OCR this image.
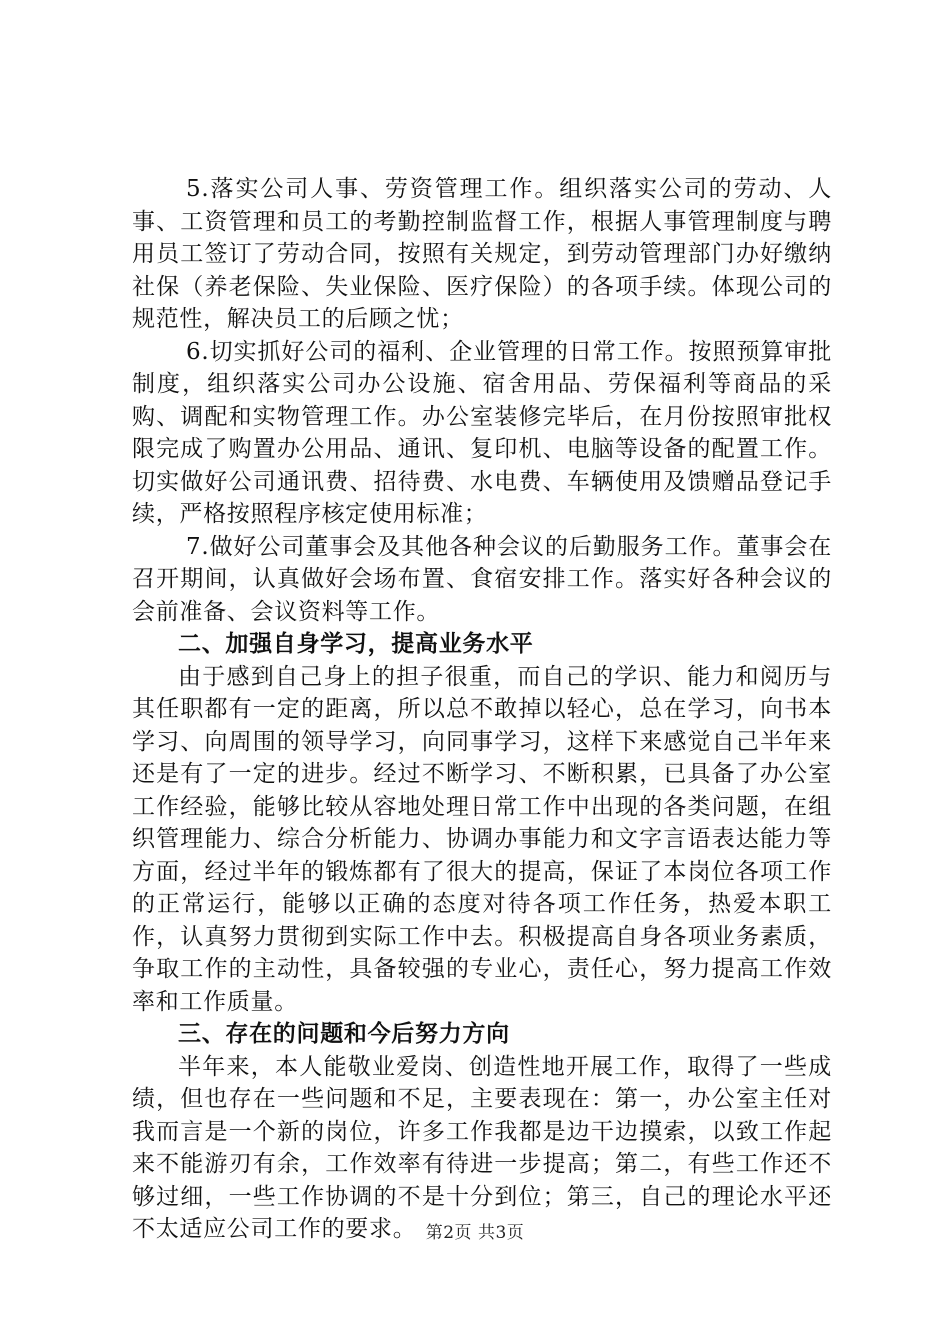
5.落实公司人事、劳资管理工作。组织落实公司的劳动、人事、工资管理和员工的考勤控制监督工作，根据人事管理制度与聘用员工签订了劳动合同，按照有关规定，到劳动管理部门办好缴纳社保（养老保险、失业保险、医疗保险）的各项手续。体现公司的规范性，解决员工的后顾之忧；

6.切实抓好公司的福利、企业管理的日常工作。按照预算审批制度，组织落实公司办公设施、宿舍用品、劳保福利等商品的采购、调配和实物管理工作。办公室装修完毕后，在月份按照审批权限完成了购置办公用品、通讯、复印机、电脑等设备的配置工作。切实做好公司通讯费、招待费、水电费、车辆使用及馈赠品登记手续，严格按照程序核定使用标准；

7.做好公司董事会及其他各种会议的后勤服务工作。董事会在召开期间，认真做好会场布置、食宿安排工作。落实好各种会议的会前准备、会议资料等工作。

二、加强自身学习，提高业务水平

由于感到自己身上的担子很重，而自己的学识、能力和阅历与其任职都有一定的距离，所以总不敢掉以轻心，总在学习，向书本学习、向周围的领导学习，向同事学习，这样下来感觉自己半年来还是有了一定的进步。经过不断学习、不断积累，已具备了办公室工作经验，能够比较从容地处理日常工作中出现的各类问题，在组织管理能力、综合分析能力、协调办事能力和文字言语表达能力等方面，经过半年的锻炼都有了很大的提高，保证了本岗位各项工作的正常运行，能够以正确的态度对待各项工作任务，热爱本职工作，认真努力贯彻到实际工作中去。积极提高自身各项业务素质，争取工作的主动性，具备较强的专业心，责任心，努力提高工作效率和工作质量。

三、存在的问题和今后努力方向

半年来，本人能敬业爱岗、创造性地开展工作，取得了一些成绩，但也存在一些问题和不足，主要表现在：第一，办公室主任对我而言是一个新的岗位，许多工作我都是边干边摸索，以致工作起来不能游刃有余，工作效率有待进一步提高；第二，有些工作还不够过细，一些工作协调的不是十分到位；第三，自己的理论水平还不太适应公司工作的要求。 第2页 共3页
